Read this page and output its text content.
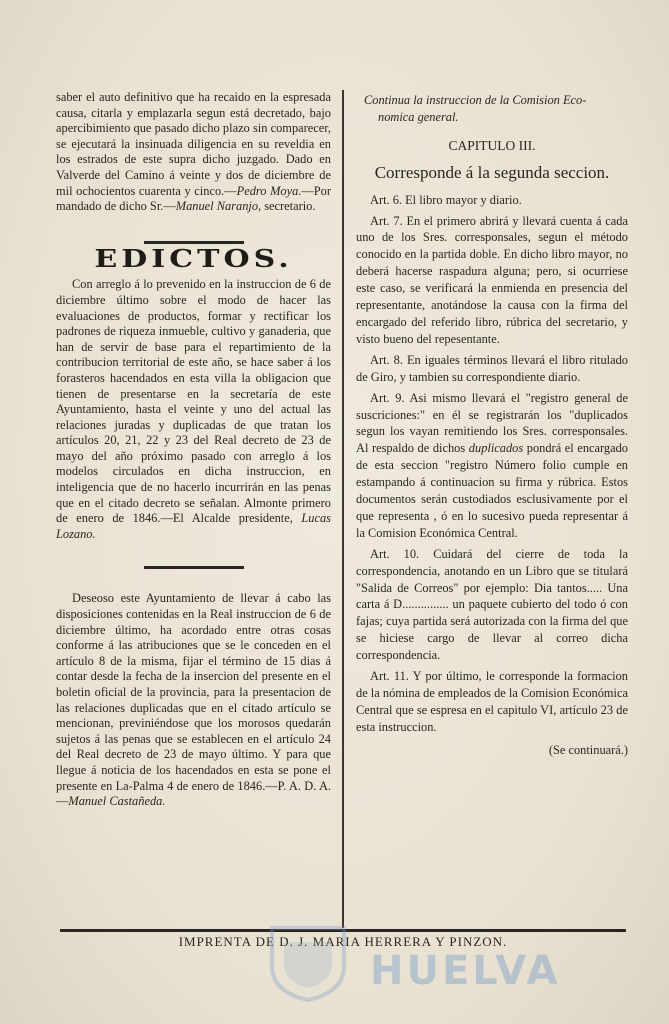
saber el auto definitivo que ha recaido en la espresada causa, citarla y emplazarla segun está decretado, bajo apercibimiento que pasado dicho plazo sin comparecer, se ejecutará la insinuada diligencia en su reveldia en los estrados de este supra dicho juzgado. Dado en Valverde del Camino á veinte y dos de diciembre de mil ochocientos cuarenta y cinco.—Pedro Moya.—Por mandado de dicho Sr.—Manuel Naranjo, secretario.

EDICTOS.

Con arreglo á lo prevenido en la instruccion de 6 de diciembre último sobre el modo de hacer las evaluaciones de productos, formar y rectificar los padrones de riqueza inmueble, cultivo y ganaderia, que han de servir de base para el repartimiento de la contribucion territorial de este año, se hace saber á los forasteros hacendados en esta villa la obligacion que tienen de presentarse en la secretaría de este Ayuntamiento, hasta el veinte y uno del actual las relaciones juradas y duplicadas de que tratan los artículos 20, 21, 22 y 23 del Real decreto de 23 de mayo del año próximo pasado con arreglo á los modelos circulados en dicha instruccion, en inteligencia que de no hacerlo incurrirán en las penas que en el citado decreto se señalan. Almonte primero de enero de 1846.—El Alcalde presidente, Lucas Lozano.

Deseoso este Ayuntamiento de llevar á cabo las disposiciones contenidas en la Real instruccion de 6 de diciembre último, ha acordado entre otras cosas conforme á las atribuciones que se le conceden en el artículo 8 de la misma, fijar el término de 15 dias á contar desde la fecha de la insercion del presente en el boletin oficial de la provincia, para la presentacion de las relaciones duplicadas que en el citado artículo se mencionan, previniéndose que los morosos quedarán sujetos á las penas que se establecen en el artículo 24 del Real decreto de 23 de mayo último. Y para que llegue á noticia de los hacendados en esta se pone el presente en La-Palma 4 de enero de 1846.—P. A. D. A.—Manuel Castañeda.

Continua la instruccion de la Comision Eco-
nomica general.

CAPITULO III.

Corresponde á la segunda seccion.

Art. 6. El libro mayor y diario.

Art. 7. En el primero abrirá y llevará cuenta á cada uno de los Sres. corresponsales, segun el método conocido en la partida doble. En dicho libro mayor, no deberá hacerse raspadura alguna; pero, si ocurriese este caso, se verificará la enmienda en presencia del representante, anotándose la causa con la firma del encargado del referido libro, rúbrica del secretario, y visto bueno del repesentante.

Art. 8. En iguales términos llevará el libro ritulado de Giro, y tambien su correspondiente diario.

Art. 9. Asi mismo llevará el "registro general de suscriciones:" en él se registrarán los "duplicados segun los vayan remitiendo los Sres. corresponsales. Al respaldo de dichos duplicados pondrá el encargado de esta seccion "registro Número folio cumple en estampando á continuacion su firma y rúbrica. Estos documentos serán custodiados esclusivamente por el que representa , ó en lo sucesivo pueda representar á la Comision Económica Central.

Art. 10. Cuidará del cierre de toda la correspondencia, anotando en un Libro que se titulará "Salida de Correos" por ejemplo: Dia tantos..... Una carta á D............... un paquete cubierto del todo ó con fajas; cuya partida será autorizada con la firma del que se hiciese cargo de llevar al correo dicha correspondencia.

Art. 11. Y por último, le corresponde la formacion de la nómina de empleados de la Comision Económica Central que se espresa en el capitulo VI, artículo 23 de esta instruccion.

(Se continuará.)

IMPRENTA DE D. J. MARIA HERRERA Y PINZON.
HUELVA
